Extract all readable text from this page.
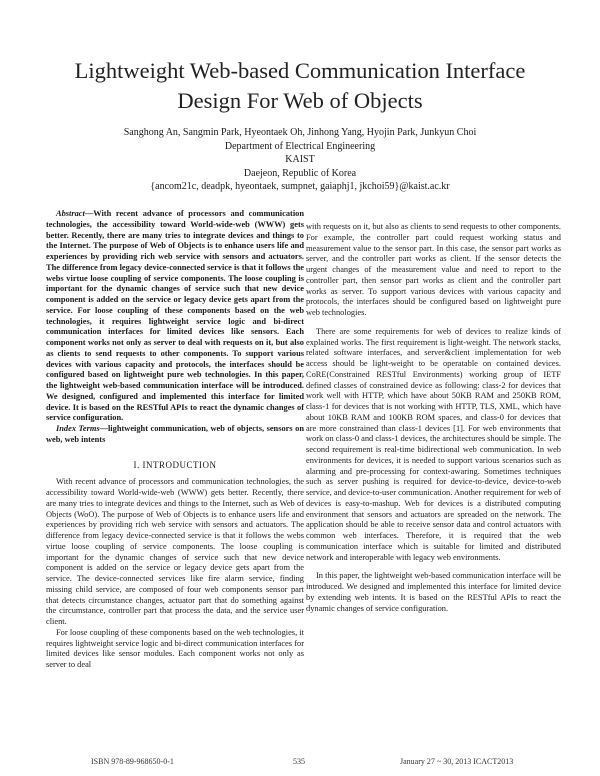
Lightweight Web-based Communication Interface
Design For Web of Objects
Sanghong An, Sangmin Park, Hyeontaek Oh, Jinhong Yang, Hyojin Park, Junkyun Choi
Department of Electrical Engineering
KAIST
Daejeon, Republic of Korea
{ancom21c, deadpk, hyeontaek, sumpnet, gaiaphj1, jkchoi59}@kaist.ac.kr

Abstract—With recent advance of processors and communication technologies, the accessibility toward World-wide-web (WWW) gets better. Recently, there are many tries to integrate devices and things to the Internet. The purpose of Web of Objects is to enhance users life and experiences by providing rich web service with sensors and actuators. The difference from legacy device-connected service is that it follows the webs virtue loose coupling of service components. The loose coupling is important for the dynamic changes of service such that new device component is added on the service or legacy device gets apart from the service. For loose coupling of these components based on the web technologies, it requires lightweight service logic and bi-direct communication interfaces for limited devices like sensors. Each component works not only as server to deal with requests on it, but also as clients to send requests to other components. To support various devices with various capacity and protocols, the interfaces should be configured based on lightweight pure web technologies. In this paper, the lightweight web-based communication interface will be introduced. We designed, configured and implemented this interface for limited device. It is based on the RESTful APIs to react the dynamic changes of service configuration.

Index Terms—lightweight communication, web of objects, sensors on web, web intents

I. INTRODUCTION

With recent advance of processors and communication technologies, the accessibility toward World-wide-web (WWW) gets better. Recently, there are many tries to integrate devices and things to the Internet, such as Web of Objects (WoO). The purpose of Web of Objects is to enhance users life and experiences by providing rich web service with sensors and actuators. The difference from legacy device-connected service is that it follows the webs virtue loose coupling of service components. The loose coupling is important for the dynamic changes of service such that new device component is added on the service or legacy device gets apart from the service. The device-connected services like fire alarm service, finding missing child service, are composed of four web components sensor part that detects circumstance changes, actuator part that do something against the circumstance, controller part that process the data, and the service user client.

For loose coupling of these components based on the web technologies, it requires lightweight service logic and bi-direct communication interfaces for limited devices like sensor modules. Each component works not only as server to deal

with requests on it, but also as clients to send requests to other components. For example, the controller part could request working status and measurement value to the sensor part. In this case, the sensor part works as server, and the controller part works as client. If the sensor detects the urgent changes of the measurement value and need to report to the controller part, then sensor part works as client and the controller part works as server. To support various devices with various capacity and protocols, the interfaces should be configured based on lightweight pure web technologies.

There are some requirements for web of devices to realize kinds of explained works. The first requirement is light-weight. The network stacks, related software interfaces, and server&client implementation for web access should be light-weight to be operatable on contained devices. CoRE(Constrained RESTful Environments) working group of IETF defined classes of constrained device as following: class-2 for devices that work well with HTTP, which have about 50KB RAM and 250KB ROM, class-1 for devices that is not working with HTTP, TLS, XML, which have about 10KB RAM and 100KB ROM spaces, and class-0 for devices that are more constrained than class-1 devices [1]. For web environments that work on class-0 and class-1 devices, the architectures should be simple. The second requirement is real-time bidirectional web communication. In web environments for devices, it is needed to support various scenarios such as alarming and pre-processing for context-awaring. Sometimes techniques such as server pushing is required for device-to-device, device-to-web service, and device-to-user communication. Another requirement for web of devices is easy-to-mashup. Web for devices is a distributed computing environment that sensors and actuators are spreaded on the network. The application should be able to receive sensor data and control actuators with common web interfaces. Therefore, it is required that the web communication interface which is suitable for limited and distributed network and interoperable with legacy web environments.

In this paper, the lightweight web-based communication interface will be introduced. We designed and implemented this interface for limited device by extending web intents. It is based on the RESTful APIs to react the dynamic changes of service configuration.

ISBN 978-89-968650-0-1	535	January 27 ~ 30, 2013 ICACT2013
